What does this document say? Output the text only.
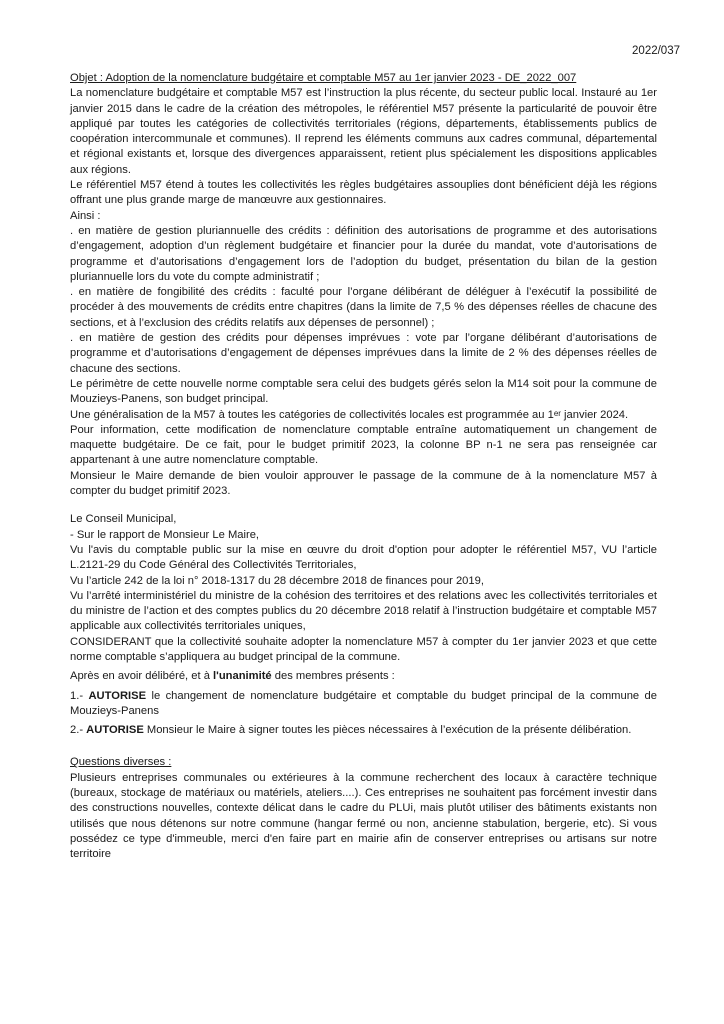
2022/037

Objet : Adoption de la nomenclature budgétaire et comptable M57 au 1er janvier 2023 - DE_2022_007

La nomenclature budgétaire et comptable M57 est l’instruction la plus récente, du secteur public local. Instauré au 1er janvier 2015 dans le cadre de la création des métropoles, le référentiel M57 présente la particularité de pouvoir être appliqué par toutes les catégories de collectivités territoriales (régions, départements, établissements publics de coopération intercommunale et communes). Il reprend les éléments communs aux cadres communal, départemental et régional existants et, lorsque des divergences apparaissent, retient plus spécialement les dispositions applicables aux régions.

Le référentiel M57 étend à toutes les collectivités les règles budgétaires assouplies dont bénéficient déjà les régions offrant une plus grande marge de manœuvre aux gestionnaires.

Ainsi :

. en matière de gestion pluriannuelle des crédits : définition des autorisations de programme et des autorisations d’engagement, adoption d’un règlement budgétaire et financier pour la durée du mandat, vote d’autorisations de programme et d’autorisations d’engagement lors de l’adoption du budget, présentation du bilan de la gestion pluriannuelle lors du vote du compte administratif ;

. en matière de fongibilité des crédits : faculté pour l’organe délibérant de déléguer à l’exécutif la possibilité de procéder à des mouvements de crédits entre chapitres (dans la limite de 7,5 % des dépenses réelles de chacune des sections, et à l’exclusion des crédits relatifs aux dépenses de personnel) ;

. en matière de gestion des crédits pour dépenses imprévues : vote par l’organe délibérant d’autorisations de programme et d’autorisations d’engagement de dépenses imprévues dans la limite de 2 % des dépenses réelles de chacune des sections.

Le périmètre de cette nouvelle norme comptable sera celui des budgets gérés selon la M14 soit pour la commune de Mouzieys-Panens, son budget principal.

Une généralisation de la M57 à toutes les catégories de collectivités locales est programmée au 1er janvier 2024.

Pour information, cette modification de nomenclature comptable entraîne automatiquement un changement de maquette budgétaire. De ce fait, pour le budget primitif 2023, la colonne BP n-1 ne sera pas renseignée car appartenant à une autre nomenclature comptable.

Monsieur le Maire demande de bien vouloir approuver le passage de la commune de à la nomenclature M57 à compter du budget primitif 2023.

Le Conseil Municipal,

- Sur le rapport de Monsieur Le Maire,

Vu l'avis du comptable public sur la mise en œuvre du droit d'option pour adopter le référentiel M57, VU l’article L.2121-29 du Code Général des Collectivités Territoriales,

Vu l’article 242 de la loi n° 2018-1317 du 28 décembre 2018 de finances pour 2019,

Vu l’arrêté interministériel du ministre de la cohésion des territoires et des relations avec les collectivités territoriales et du ministre de l’action et des comptes publics du 20 décembre 2018 relatif à l’instruction budgétaire et comptable M57 applicable aux collectivités territoriales uniques,

CONSIDERANT que la collectivité souhaite adopter la nomenclature M57 à compter du 1er janvier 2023 et que cette norme comptable s’appliquera au budget principal de la commune.

Après en avoir délibéré, et à l'unanimité des membres présents :

1.- AUTORISE le changement de nomenclature budgétaire et comptable du budget principal de la commune de Mouzieys-Panens

2.- AUTORISE Monsieur le Maire à signer toutes les pièces nécessaires à l’exécution de la présente délibération.

Questions diverses :

Plusieurs entreprises communales ou extérieures à la commune recherchent des locaux à caractère technique (bureaux, stockage de matériaux ou matériels, ateliers....). Ces entreprises ne souhaitent pas forcément investir dans des constructions nouvelles, contexte délicat dans le cadre du PLUi, mais plutôt utiliser des bâtiments existants non utilisés que nous détenons sur notre commune (hangar fermé ou non, ancienne stabulation, bergerie, etc). Si vous possédez ce type d'immeuble, merci d'en faire part en mairie afin de conserver entreprises ou artisans sur notre territoire
